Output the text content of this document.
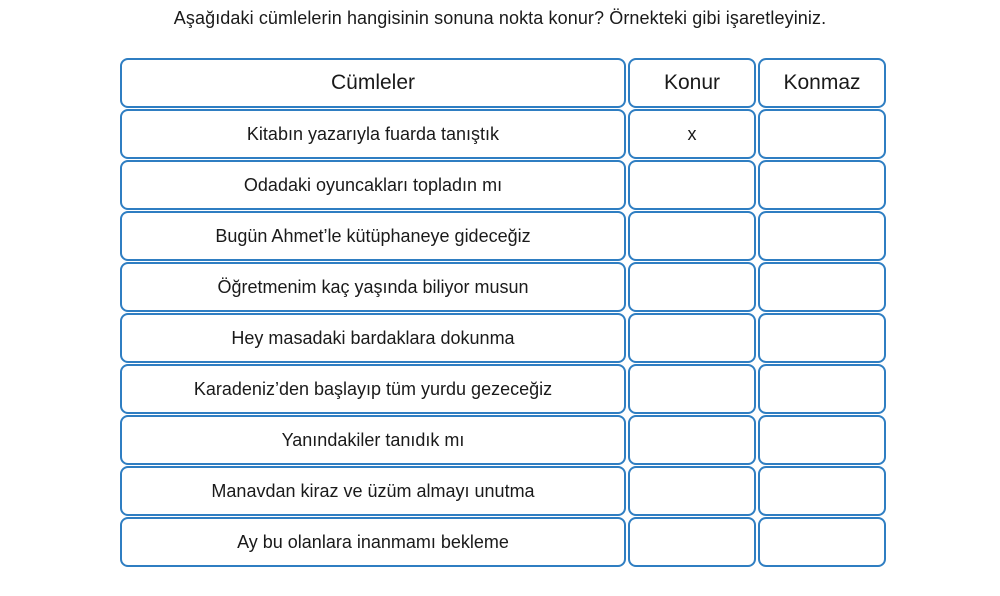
Aşağıdaki cümlelerin hangisinin sonuna nokta konur? Örnekteki gibi işaretleyiniz.
Cümleler	Konur	Konmaz
Kitabın yazarıyla fuarda tanıştık	x
Odadaki oyuncakları topladın mı
Bugün Ahmet’le kütüphaneye gideceğiz
Öğretmenim kaç yaşında biliyor musun
Hey masadaki bardaklara dokunma
Karadeniz’den başlayıp tüm yurdu gezeceğiz
Yanındakiler tanıdık mı
Manavdan kiraz ve üzüm almayı unutma
Ay bu olanlara inanmamı bekleme
